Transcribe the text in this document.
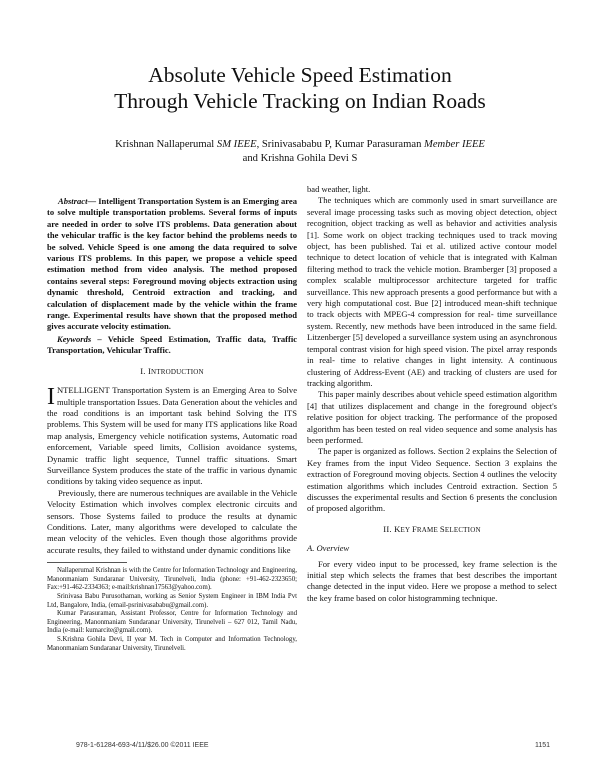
Absolute Vehicle Speed Estimation
Through Vehicle Tracking on Indian Roads
Krishnan Nallaperumal SM IEEE, Srinivasababu P, Kumar Parasuraman Member IEEE
and Krishna Gohila Devi S

Abstract— Intelligent Transportation System is an Emerging area to solve multiple transportation problems. Several forms of inputs are needed in order to solve ITS problems. Data generation about the vehicular traffic is the key factor behind the problems needs to be solved. Vehicle Speed is one among the data required to solve various ITS problems. In this paper, we propose a vehicle speed estimation method from video analysis. The method proposed contains several steps: Foreground moving objects extraction using dynamic threshold, Centroid extraction and tracking, and calculation of displacement made by the vehicle within the frame range. Experimental results have shown that the proposed method gives accurate velocity estimation.

Keywords – Vehicle Speed Estimation, Traffic data, Traffic Transportation, Vehicular Traffic.

I. INTRODUCTION

INTELLIGENT Transportation System is an Emerging Area to Solve multiple transportation Issues. Data Generation about the vehicles and the road conditions is an important task behind Solving the ITS problems. This System will be used for many ITS applications like Road map analysis, Emergency vehicle notification systems, Automatic road enforcement, Variable speed limits, Collision avoidance systems, Dynamic traffic light sequence, Tunnel traffic situations. Smart Surveillance System produces the state of the traffic in various dynamic conditions by taking video sequence as input.

Previously, there are numerous techniques are available in the Vehicle Velocity Estimation which involves complex electronic circuits and sensors. Those Systems failed to produce the results at dynamic Conditions. Later, many algorithms were developed to calculate the mean velocity of the vehicles. Even though those algorithms provide accurate results, they failed to withstand under dynamic conditions like

Nallaperumal Krishnan is with the Centre for Information Technology and Engineering, Manonmaniam Sundaranar University, Tirunelveli, India (phone: +91-462-2323650; Fax:+91-462-2334363; e-mail:krishnan17563@yahoo.com).

Srinivasa Babu Purusothaman, working as Senior System Engineer in IBM India Pvt Ltd, Bangalore, India, (email-psrinivasababu@gmail.com).

Kumar Parasuraman, Assistant Professor, Centre for Information Technology and Engineering, Manonmaniam Sundaranar University, Tirunelveli – 627 012, Tamil Nadu, India (e-mail: kumarcite@gmail.com).

S.Krishna Gohila Devi, II year M. Tech in Computer and Information Technology, Manonmaniam Sundaranar University, Tirunelveli.

bad weather, light.

The techniques which are commonly used in smart surveillance are several image processing tasks such as moving object detection, object recognition, object tracking as well as behavior and activities analysis [1]. Some work on object tracking techniques used to track moving object, has been published. Tai et al. utilized active contour model technique to detect location of vehicle that is integrated with Kalman filtering method to track the vehicle motion. Bramberger [3] proposed a complex scalable multiprocessor architecture targeted for traffic surveillance. This new approach presents a good performance but with a very high computational cost. Bue [2] introduced mean-shift technique to track objects with MPEG-4 compression for real- time surveillance system. Recently, new methods have been introduced in the same field. Litzenberger [5] developed a surveillance system using an asynchronous temporal contrast vision for high speed vision. The pixel array responds in real- time to relative changes in light intensity. A continuous clustering of Address-Event (AE) and tracking of clusters are used for tracking algorithm.

This paper mainly describes about vehicle speed estimation algorithm [4] that utilizes displacement and change in the foreground object's relative position for object tracking. The performance of the proposed algorithm has been tested on real video sequence and some analysis has been performed.

The paper is organized as follows. Section 2 explains the Selection of Key frames from the input Video Sequence. Section 3 explains the extraction of Foreground moving objects. Section 4 outlines the velocity estimation algorithms which includes Centroid extraction. Section 5 discusses the experimental results and Section 6 presents the conclusion of proposed algorithm.

II. KEY FRAME SELECTION

A. Overview

For every video input to be processed, key frame selection is the initial step which selects the frames that best describes the important change detected in the input video. Here we propose a method to select the key frame based on color histogramming technique.

978-1-61284-693-4/11/$26.00 ©2011 IEEE	1151
